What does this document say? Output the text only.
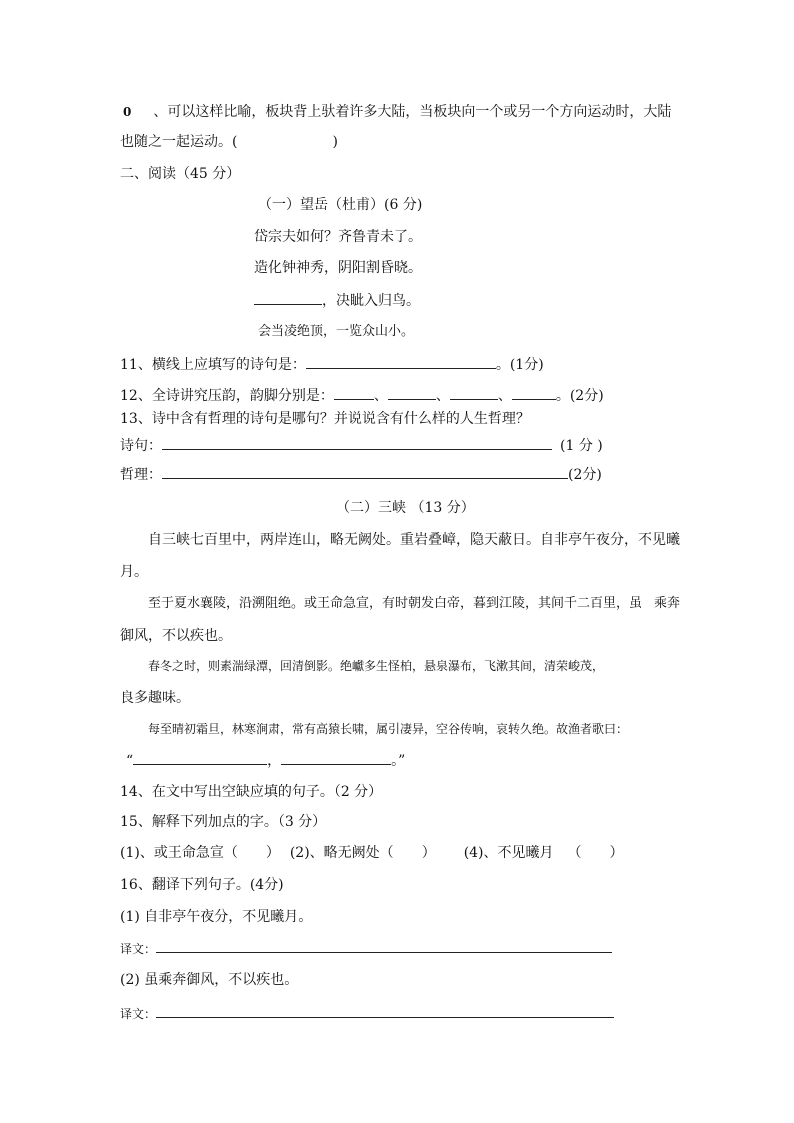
0 、可以这样比喻，板块背上驮着许多大陆，当板块向一个或另一个方向运动时，大陆
也随之一起运动。(	)
二、阅读（45 分）
（一）望岳（杜甫）(6 分)
岱宗夫如何？齐鲁青未了。
造化钟神秀，阴阳割昏晓。
，决眦入归鸟。
会当凌绝顶，一览众山小。
11、横线上应填写的诗句是：	。(1分)
12、全诗讲究压韵，韵脚分别是：	、	、	、	。(2分)
13、诗中含有哲理的诗句是哪句？并说说含有什么样的人生哲理？
诗句：	(1 分 )
哲理：	(2分)
（二）三峡 （13 分）
自三峡七百里中，两岸连山，略无阙处。重岩叠嶂，隐天蔽日。自非亭午夜分，不见曦
月。
至于夏水襄陵，沿溯阻绝。或王命急宣，有时朝发白帝，暮到江陵，其间千二百里，虽 乘奔
御风，不以疾也。
春冬之时，则素湍绿潭，回清倒影。绝巘多生怪柏，悬泉瀑布，飞漱其间，清荣峻茂，
良多趣味。
每至晴初霜旦，林寒涧肃，常有高猿长啸，属引凄异，空谷传响，哀转久绝。故渔者歌曰：
“	，	。”
14、在文中写出空缺应填的句子。（2 分）
15、解释下列加点的字。（3 分）
(1)、或王命急宣（ ） (2)、略无阙处（ ） (4)、不见曦月 （ ）
16、翻译下列句子。(4分)
(1) 自非亭午夜分，不见曦月。
译文：
(2) 虽乘奔御风，不以疾也。
译文：
